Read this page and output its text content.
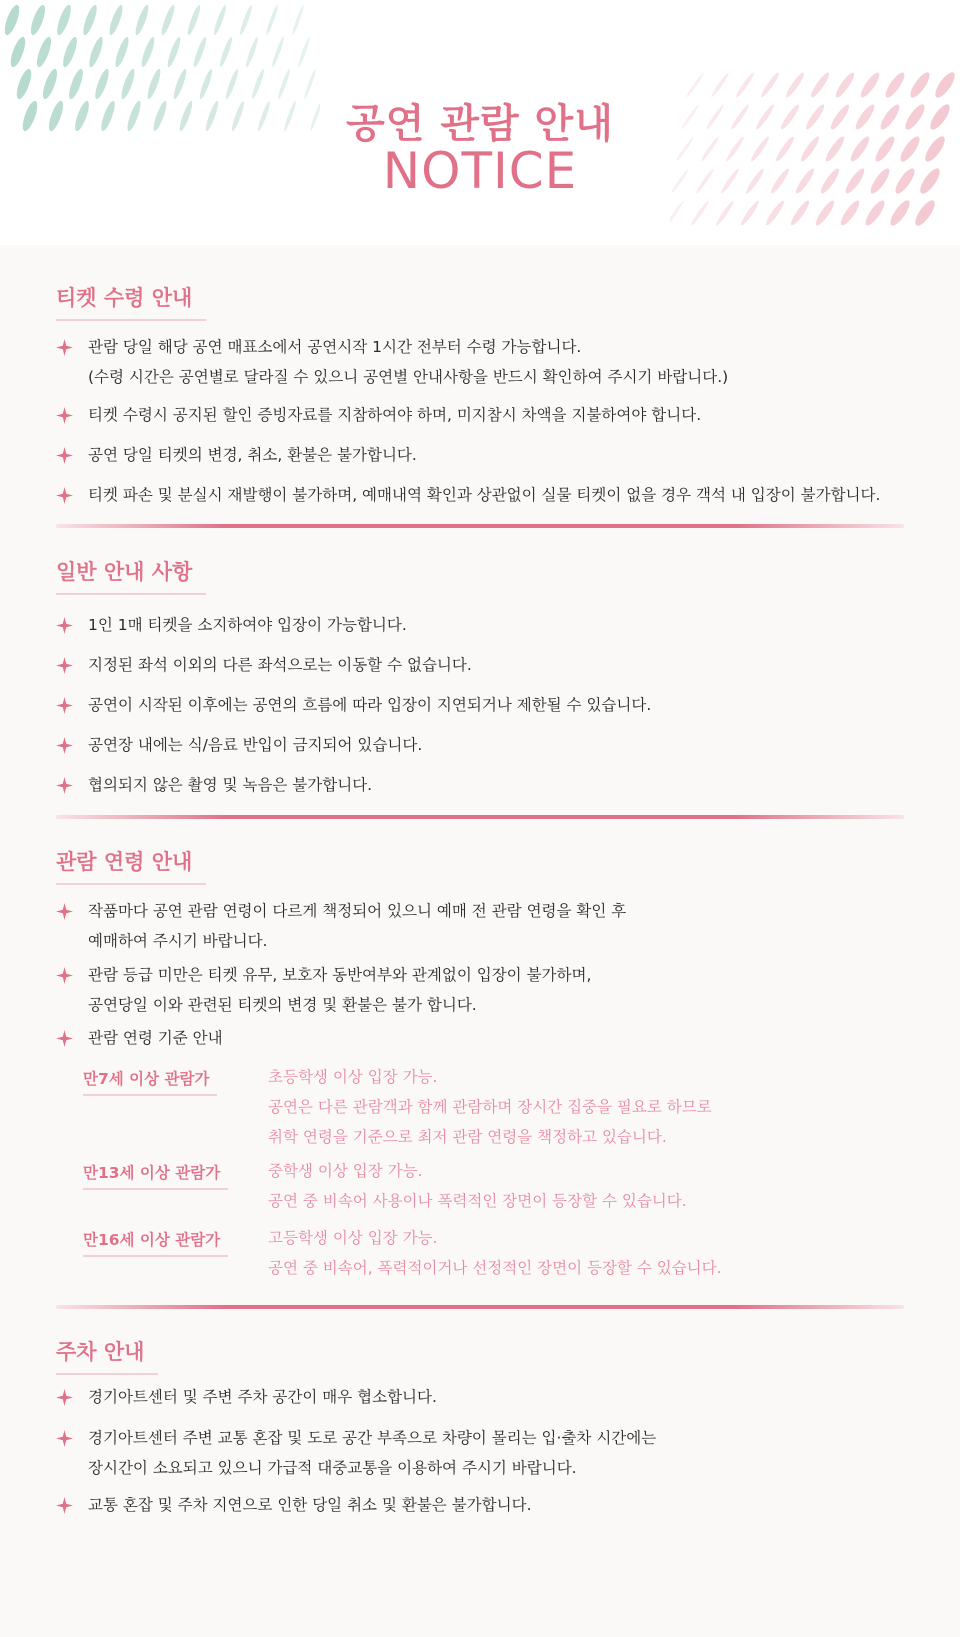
공연 관람 안내
NOTICE
티켓 수령 안내
관람 당일 해당 공연 매표소에서 공연시작 1시간 전부터 수령 가능합니다.
(수령 시간은 공연별로 달라질 수 있으니 공연별 안내사항을 반드시 확인하여 주시기 바랍니다.)
티켓 수령시 공지된 할인 증빙자료를 지참하여야 하며, 미지참시 차액을 지불하여야 합니다.
공연 당일 티켓의 변경, 취소, 환불은 불가합니다.
티켓 파손 및 분실시 재발행이 불가하며, 예매내역 확인과 상관없이 실물 티켓이 없을 경우 객석 내 입장이 불가합니다.
일반 안내 사항
1인 1매 티켓을 소지하여야 입장이 가능합니다.
지정된 좌석 이외의 다른 좌석으로는 이동할 수 없습니다.
공연이 시작된 이후에는 공연의 흐름에 따라 입장이 지연되거나 제한될 수 있습니다.
공연장 내에는 식/음료 반입이 금지되어 있습니다.
협의되지 않은 촬영 및 녹음은 불가합니다.
관람 연령 안내
작품마다 공연 관람 연령이 다르게 책정되어 있으니 예매 전 관람 연령을 확인 후
예매하여 주시기 바랍니다.
관람 등급 미만은 티켓 유무, 보호자 동반여부와 관계없이 입장이 불가하며,
공연당일 이와 관련된 티켓의 변경 및 환불은 불가 합니다.
관람 연령 기준 안내
만7세 이상 관람가	초등학생 이상 입장 가능.
공연은 다른 관람객과 함께 관람하며 장시간 집중을 필요로 하므로
취학 연령을 기준으로 최저 관람 연령을 책정하고 있습니다.
만13세 이상 관람가	중학생 이상 입장 가능.
공연 중 비속어 사용이나 폭력적인 장면이 등장할 수 있습니다.
만16세 이상 관람가	고등학생 이상 입장 가능.
공연 중 비속어, 폭력적이거나 선정적인 장면이 등장할 수 있습니다.
주차 안내
경기아트센터 및 주변 주차 공간이 매우 협소합니다.
경기아트센터 주변 교통 혼잡 및 도로 공간 부족으로 차량이 몰리는 입·출차 시간에는
장시간이 소요되고 있으니 가급적 대중교통을 이용하여 주시기 바랍니다.
교통 혼잡 및 주차 지연으로 인한 당일 취소 및 환불은 불가합니다.
